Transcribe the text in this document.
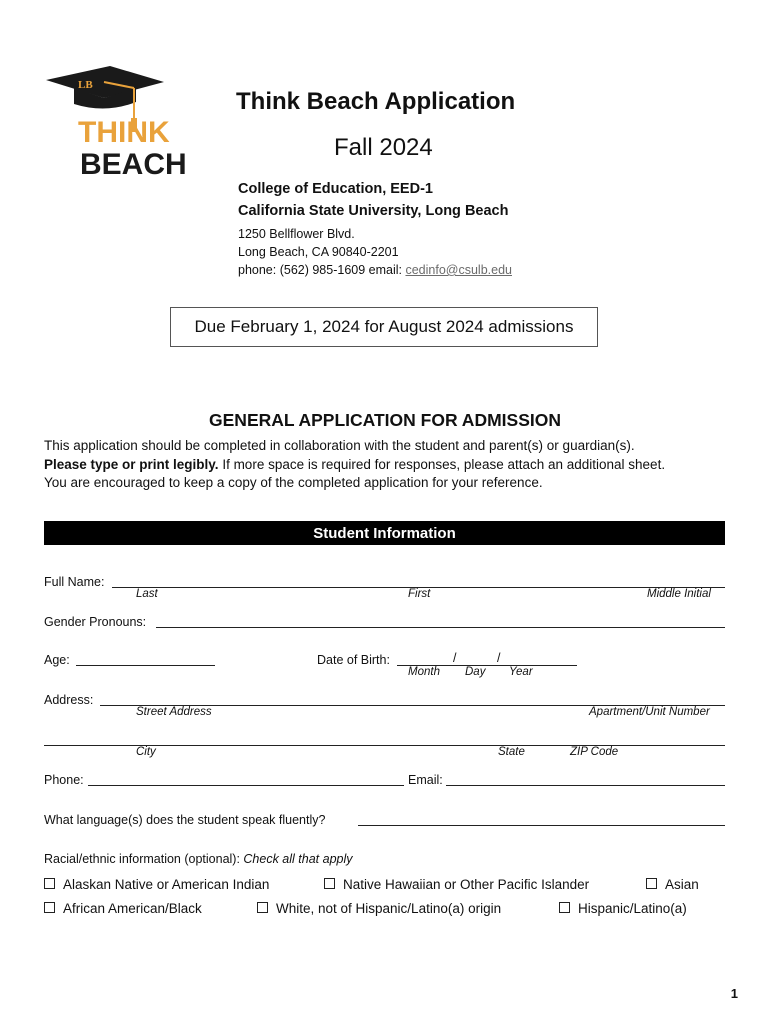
LB
THINK
BEACH
Think Beach Application
Fall 2024
College of Education, EED-1
California State University, Long Beach
1250 Bellflower Blvd.
Long Beach, CA 90840-2201
phone: (562) 985-1609 email: cedinfo@csulb.edu
Due February 1, 2024 for August 2024 admissions
GENERAL APPLICATION FOR ADMISSION
This application should be completed in collaboration with the student and parent(s) or guardian(s).
Please type or print legibly. If more space is required for responses, please attach an additional sheet.
You are encouraged to keep a copy of the completed application for your reference.
Student Information
Full Name:
Last	First	Middle Initial
Gender Pronouns:
Age:	Date of Birth:	/	/
Month Day Year
Address:
Street Address	Apartment/Unit Number
City	State	ZIP Code
Phone:	Email:
What language(s) does the student speak fluently?
Racial/ethnic information (optional): Check all that apply
Alaskan Native or American Indian	Native Hawaiian or Other Pacific Islander	Asian
African American/Black	White, not of Hispanic/Latino(a) origin	Hispanic/Latino(a)
1
